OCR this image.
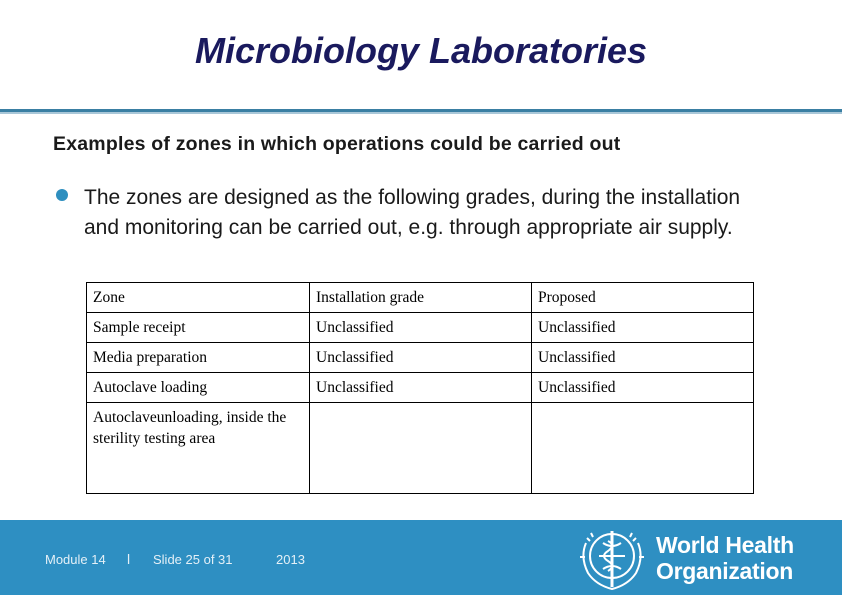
Microbiology Laboratories
Examples of zones in which operations could be carried out
The zones are designed as the following grades, during the installation and monitoring can be carried out, e.g. through appropriate air supply.
Zone	Installation grade	Proposed
Sample receipt	Unclassified	Unclassified
Media preparation	Unclassified	Unclassified
Autoclave loading	Unclassified	Unclassified

Autoclaveunloading, inside the sterility testing area		

Module 14 l Slide 25 of 31	2013
World Health
Organization
